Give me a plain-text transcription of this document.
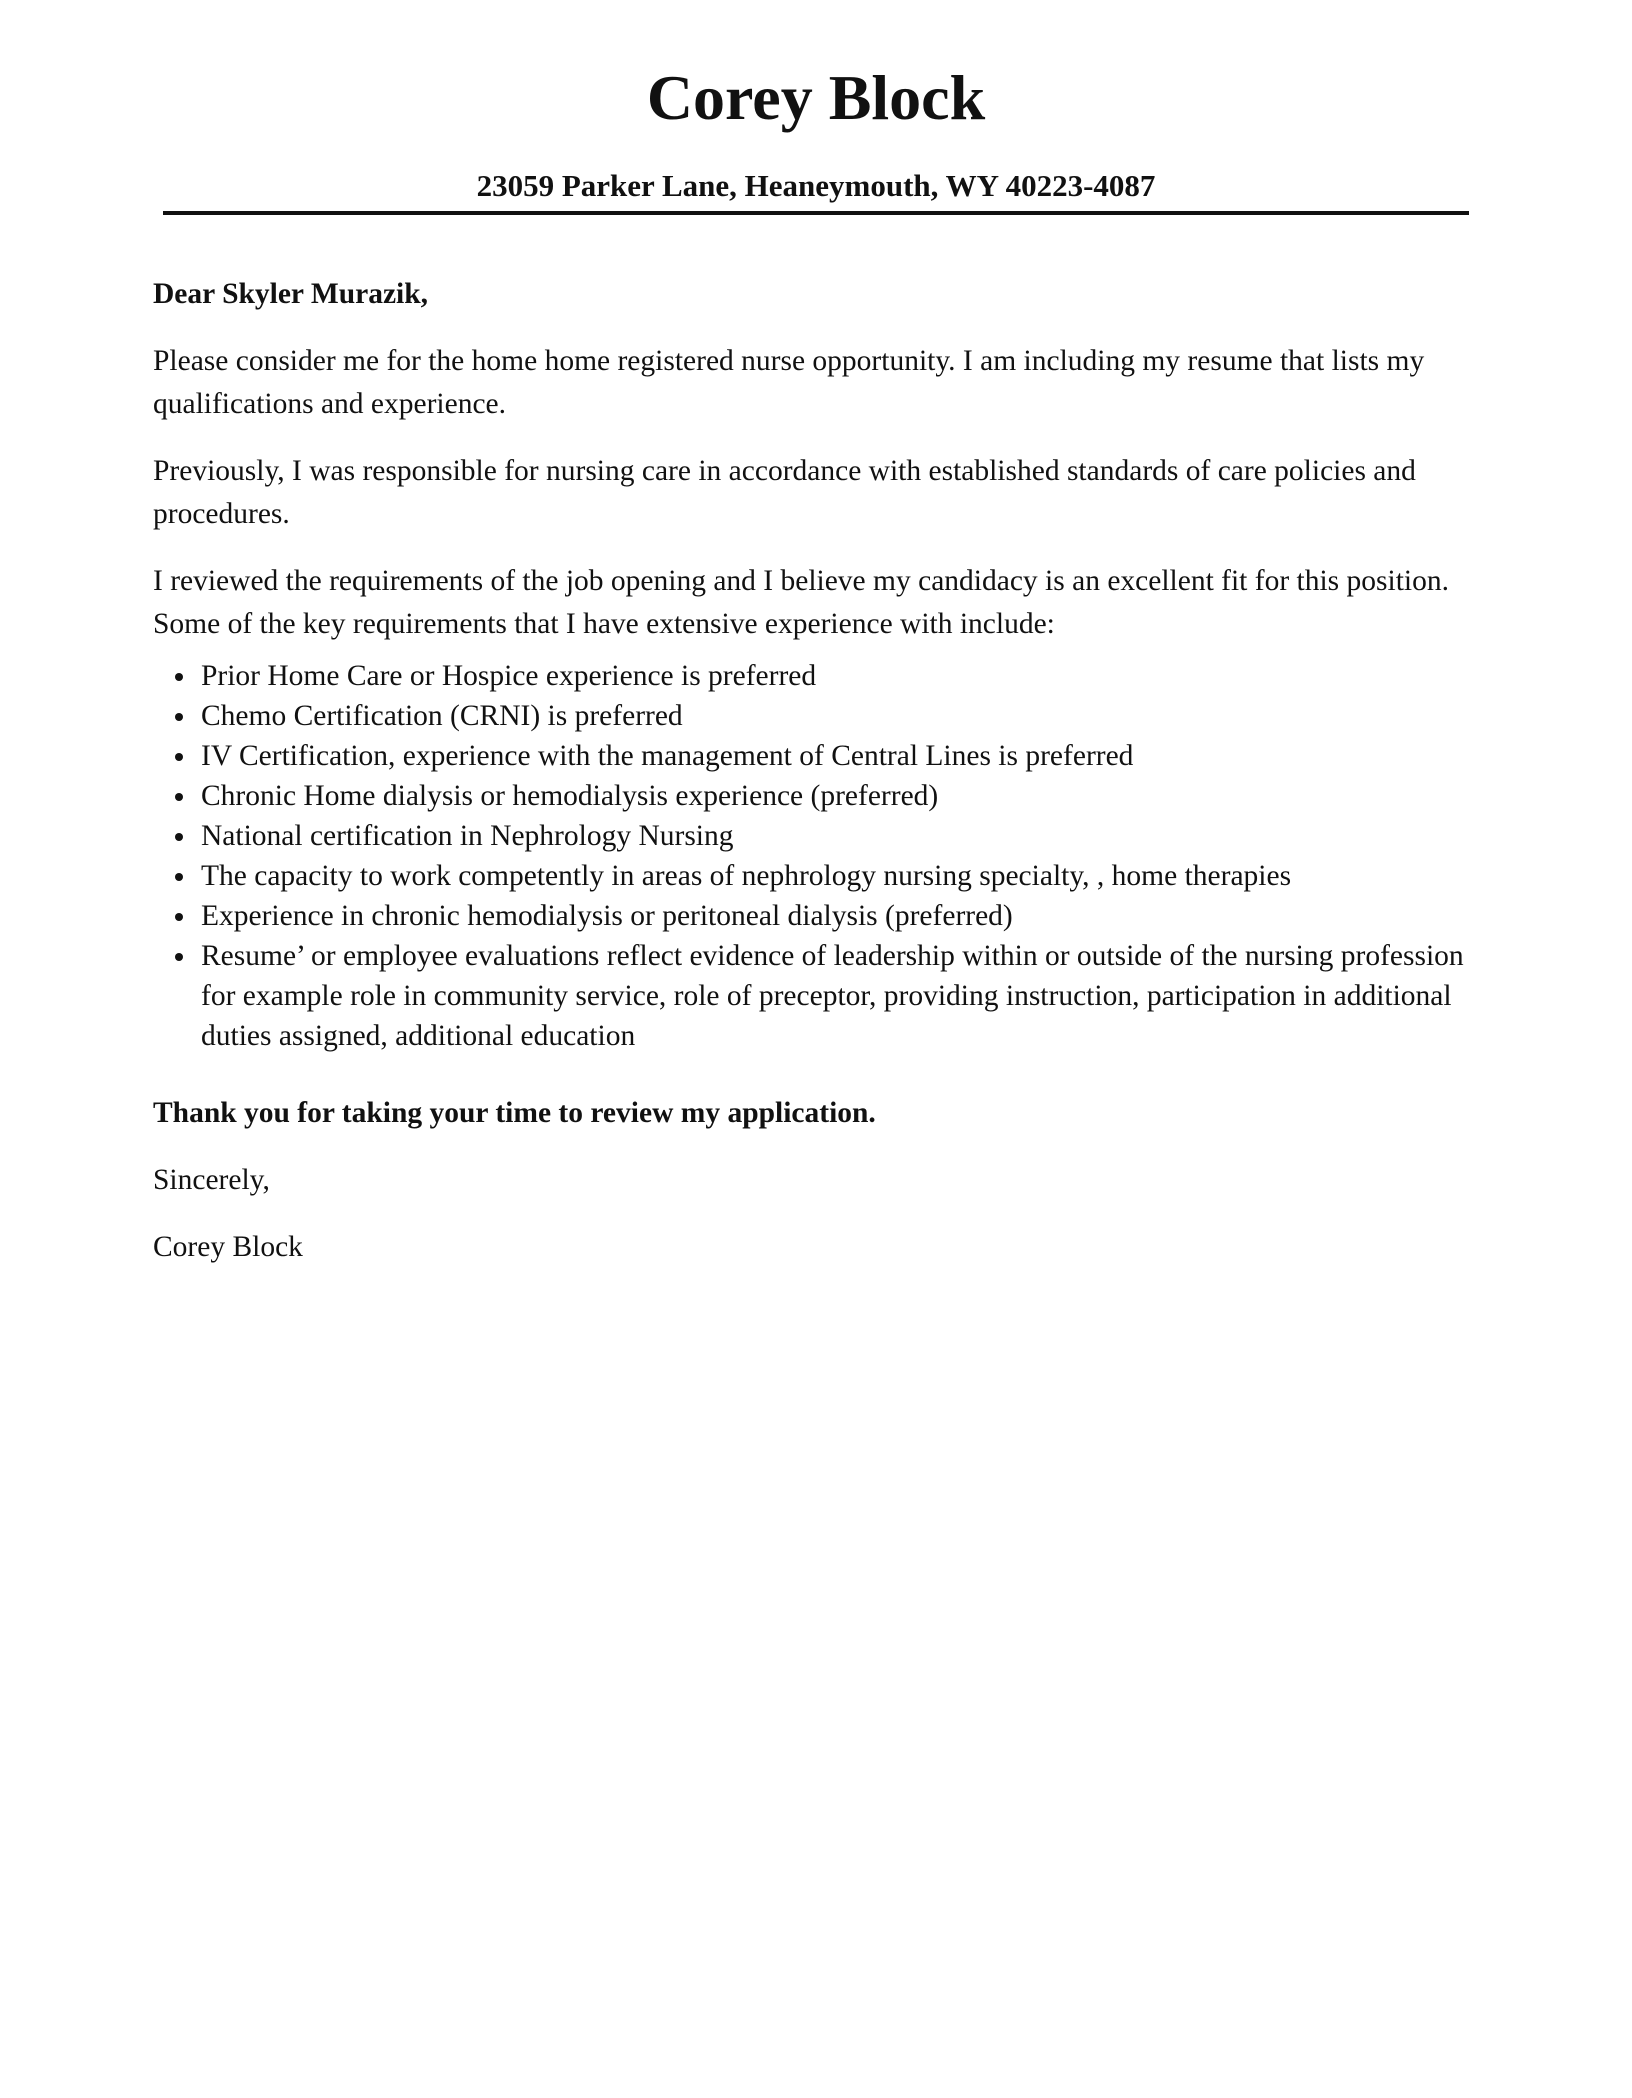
Corey Block
23059 Parker Lane, Heaneymouth, WY 40223-4087

Dear Skyler Murazik,

Please consider me for the home home registered nurse opportunity. I am including my resume that lists my qualifications and experience.

Previously, I was responsible for nursing care in accordance with established standards of care policies and procedures.

I reviewed the requirements of the job opening and I believe my candidacy is an excellent fit for this position. Some of the key requirements that I have extensive experience with include:

Prior Home Care or Hospice experience is preferred
Chemo Certification (CRNI) is preferred
IV Certification, experience with the management of Central Lines is preferred
Chronic Home dialysis or hemodialysis experience (preferred)
National certification in Nephrology Nursing
The capacity to work competently in areas of nephrology nursing specialty, , home therapies
Experience in chronic hemodialysis or peritoneal dialysis (preferred)
Resume’ or employee evaluations reflect evidence of leadership within or outside of the nursing profession for example role in community service, role of preceptor, providing instruction, participation in additional duties assigned, additional education

Thank you for taking your time to review my application.

Sincerely,

Corey Block
